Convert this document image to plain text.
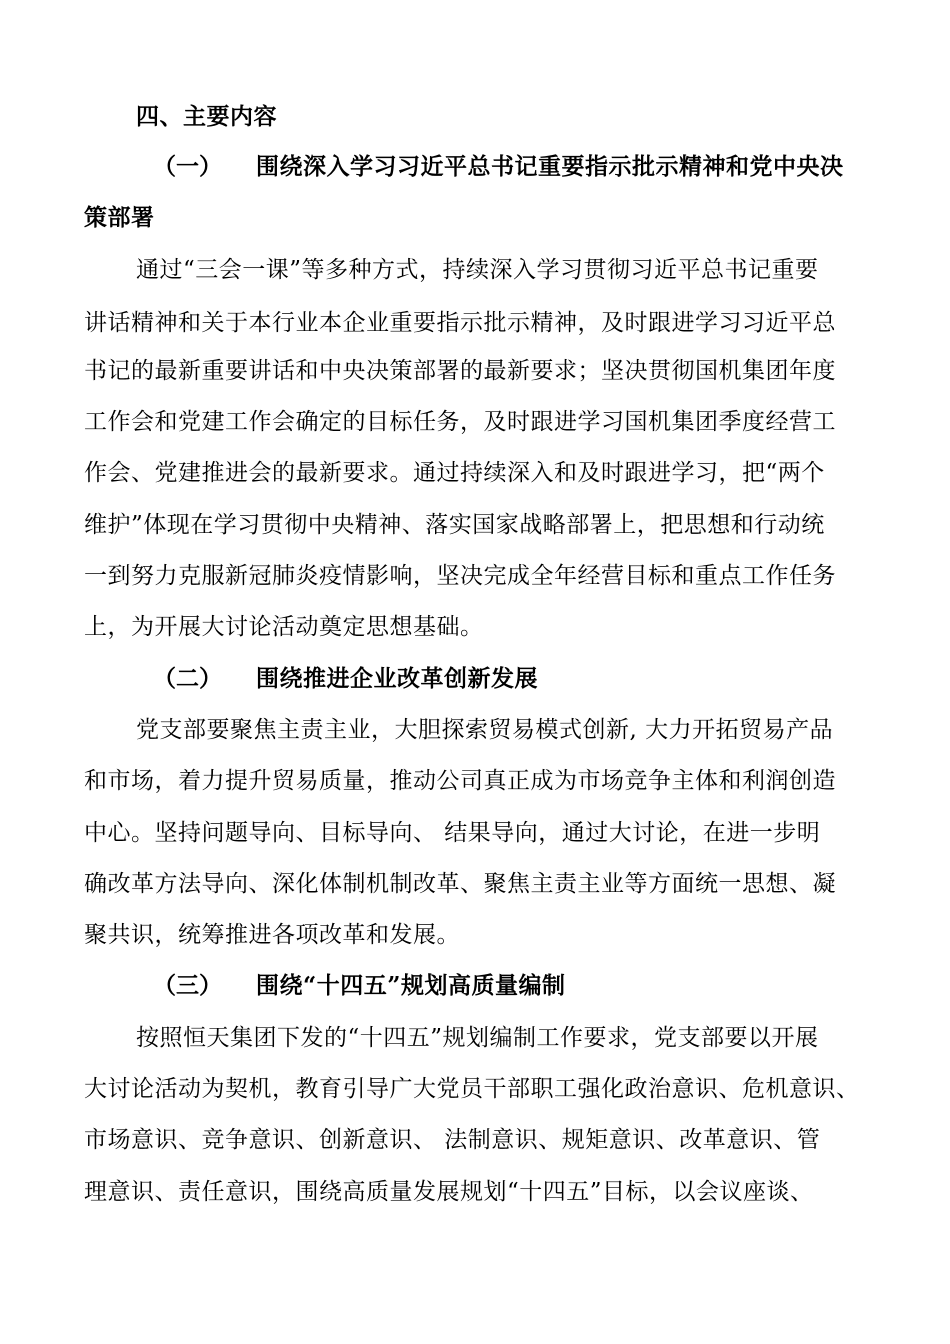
四、主要内容
（一） 围绕深入学习习近平总书记重要指示批示精神和党中央决
策部署
通过“三会一课”等多种方式，持续深入学习贯彻习近平总书记重要
讲话精神和关于本行业本企业重要指示批示精神，及时跟进学习习近平总
书记的最新重要讲话和中央决策部署的最新要求；坚决贯彻国机集团年度
工作会和党建工作会确定的目标任务，及时跟进学习国机集团季度经营工
作会、党建推进会的最新要求。通过持续深入和及时跟进学习，把“两个
维护”体现在学习贯彻中央精神、落实国家战略部署上，把思想和行动统
一到努力克服新冠肺炎疫情影响，坚决完成全年经营目标和重点工作任务
上，为开展大讨论活动奠定思想基础。
（二） 围绕推进企业改革创新发展
党支部要聚焦主责主业，大胆探索贸易模式创新, 大力开拓贸易产品
和市场，着力提升贸易质量，推动公司真正成为市场竞争主体和利润创造
中心。坚持问题导向、目标导向、 结果导向，通过大讨论，在进一步明
确改革方法导向、深化体制机制改革、聚焦主责主业等方面统一思想、凝
聚共识，统筹推进各项改革和发展。
（三） 围绕“十四五”规划高质量编制
按照恒天集团下发的“十四五”规划编制工作要求，党支部要以开展
大讨论活动为契机，教育引导广大党员干部职工强化政治意识、危机意识、
市场意识、竞争意识、创新意识、 法制意识、规矩意识、改革意识、管
理意识、责任意识，围绕高质量发展规划“十四五”目标，以会议座谈、
